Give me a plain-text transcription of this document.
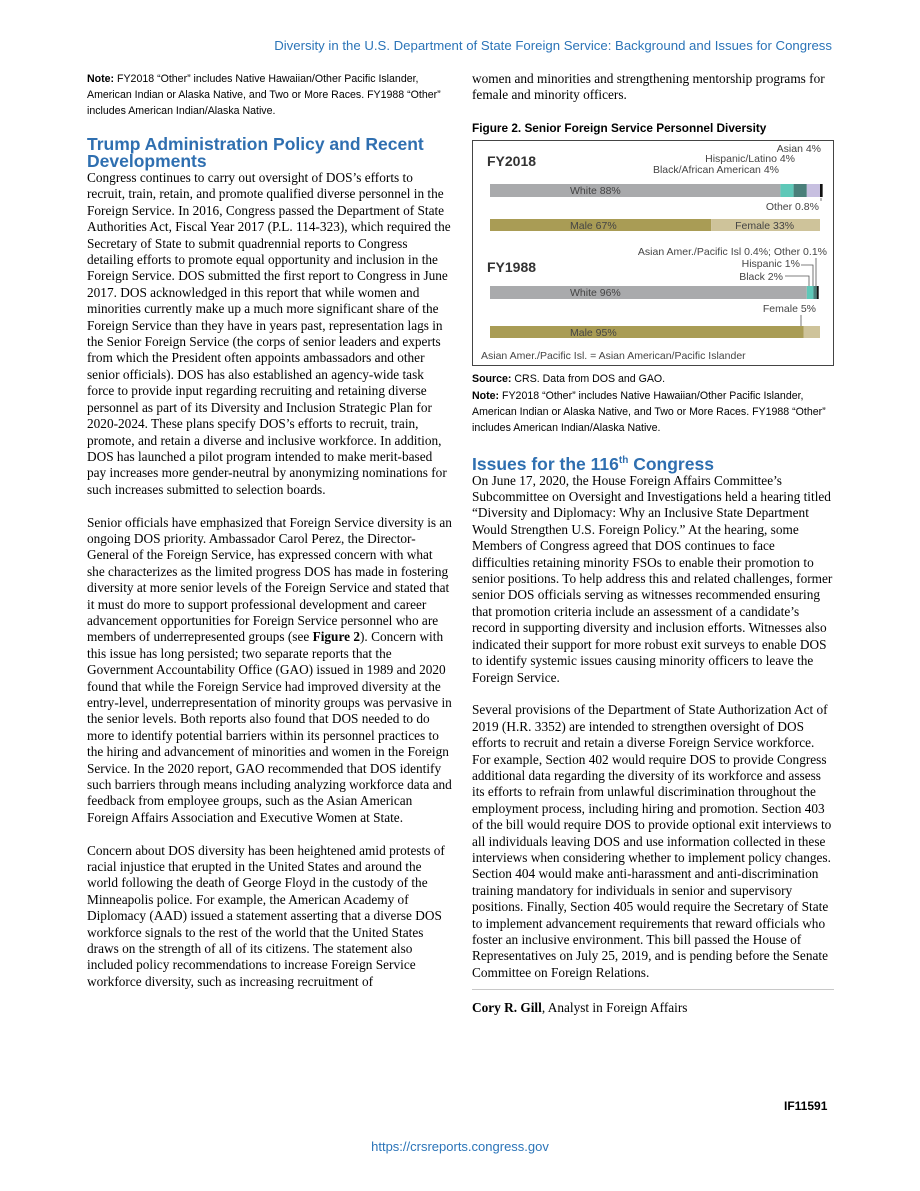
Diversity in the U.S. Department of State Foreign Service: Background and Issues for Congress

Note: FY2018 “Other” includes Native Hawaiian/Other Pacific Islander, American Indian or Alaska Native, and Two or More Races. FY1988 “Other” includes American Indian/Alaska Native.

Trump Administration Policy and Recent Developments

Congress continues to carry out oversight of DOS’s efforts to recruit, train, retain, and promote qualified diverse personnel in the Foreign Service. In 2016, Congress passed the Department of State Authorities Act, Fiscal Year 2017 (P.L. 114-323), which required the Secretary of State to submit quadrennial reports to Congress detailing efforts to promote equal opportunity and inclusion in the Foreign Service. DOS submitted the first report to Congress in June 2017. DOS acknowledged in this report that while women and minorities currently make up a much more significant share of the Foreign Service than they have in years past, representation lags in the Senior Foreign Service (the corps of senior leaders and experts from which the President often appoints ambassadors and other senior officials). DOS has also established an agency-wide task force to provide input regarding recruiting and retaining diverse personnel as part of its Diversity and Inclusion Strategic Plan for 2020-2024. These plans specify DOS’s efforts to recruit, train, promote, and retain a diverse and inclusive workforce. In addition, DOS has launched a pilot program intended to make merit-based pay increases more gender-neutral by anonymizing nominations for such increases submitted to selection boards.

Senior officials have emphasized that Foreign Service diversity is an ongoing DOS priority. Ambassador Carol Perez, the Director-General of the Foreign Service, has expressed concern with what she characterizes as the limited progress DOS has made in fostering diversity at more senior levels of the Foreign Service and stated that it must do more to support professional development and career advancement opportunities for Foreign Service personnel who are members of underrepresented groups (see Figure 2). Concern with this issue has long persisted; two separate reports that the Government Accountability Office (GAO) issued in 1989 and 2020 found that while the Foreign Service had improved diversity at the entry-level, underrepresentation of minority groups was pervasive in the senior levels. Both reports also found that DOS needed to do more to identify potential barriers within its personnel practices to the hiring and advancement of minorities and women in the Foreign Service. In the 2020 report, GAO recommended that DOS identify such barriers through means including analyzing workforce data and feedback from employee groups, such as the Asian American Foreign Affairs Association and Executive Women at State.

Concern about DOS diversity has been heightened amid protests of racial injustice that erupted in the United States and around the world following the death of George Floyd in the custody of the Minneapolis police. For example, the American Academy of Diplomacy (AAD) issued a statement asserting that a diverse DOS workforce signals to the rest of the world that the United States draws on the strength of all of its citizens. The statement also included policy recommendations to increase Foreign Service workforce diversity, such as increasing recruitment of

women and minorities and strengthening mentorship programs for female and minority officers.

Figure 2. Senior Foreign Service Personnel Diversity

FY2018
White 88%
Male 67%	Female 33%
Asian 4%
Hispanic/Latino 4%
Black/African American 4%
Other 0.8%
FY1988
White 96%
Male 95%
Female 5%
Asian Amer./Pacific Isl 0.4%; Other 0.1%
Hispanic 1%
Black 2%
Asian Amer./Pacific Isl. = Asian American/Pacific Islander

Source: CRS. Data from DOS and GAO.

Note: FY2018 “Other” includes Native Hawaiian/Other Pacific Islander, American Indian or Alaska Native, and Two or More Races. FY1988 “Other” includes American Indian/Alaska Native.

Issues for the 116th Congress

On June 17, 2020, the House Foreign Affairs Committee’s Subcommittee on Oversight and Investigations held a hearing titled “Diversity and Diplomacy: Why an Inclusive State Department Would Strengthen U.S. Foreign Policy.” At the hearing, some Members of Congress agreed that DOS continues to face difficulties retaining minority FSOs to enable their promotion to senior positions. To help address this and related challenges, former senior DOS officials serving as witnesses recommended ensuring that promotion criteria include an assessment of a candidate’s record in supporting diversity and inclusion efforts. Witnesses also indicated their support for more robust exit surveys to enable DOS to identify systemic issues causing minority officers to leave the Foreign Service.

Several provisions of the Department of State Authorization Act of 2019 (H.R. 3352) are intended to strengthen oversight of DOS efforts to recruit and retain a diverse Foreign Service workforce. For example, Section 402 would require DOS to provide Congress additional data regarding the diversity of its workforce and assess its efforts to refrain from unlawful discrimination throughout the employment process, including hiring and promotion. Section 403 of the bill would require DOS to provide optional exit interviews to all individuals leaving DOS and use information collected in these interviews when considering whether to implement policy changes. Section 404 would make anti-harassment and anti-discrimination training mandatory for individuals in senior and supervisory positions. Finally, Section 405 would require the Secretary of State to implement advancement requirements that reward officials who foster an inclusive environment. This bill passed the House of Representatives on July 25, 2019, and is pending before the Senate Committee on Foreign Relations.

Cory R. Gill, Analyst in Foreign Affairs

IF11591
https://crsreports.congress.gov
